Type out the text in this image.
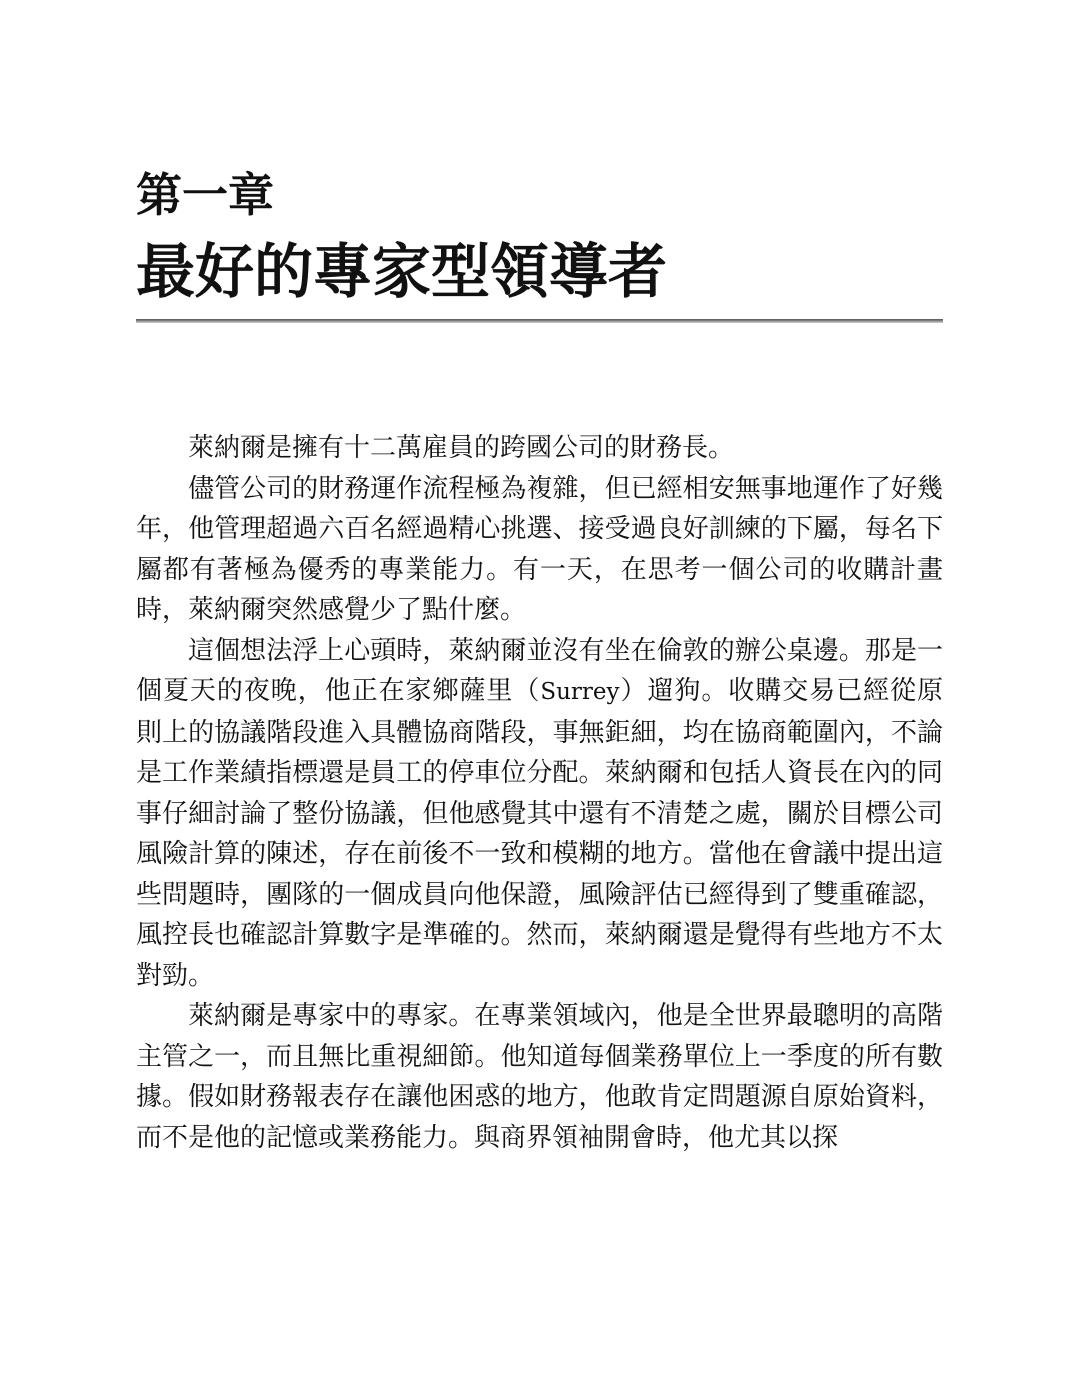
第一章
最好的專家型領導者

萊納爾是擁有十二萬雇員的跨國公司的財務長。

儘管公司的財務運作流程極為複雜，但已經相安無事地運作了好幾年，他管理超過六百名經過精心挑選、接受過良好訓練的下屬，每名下屬都有著極為優秀的專業能力。有一天，在思考一個公司的收購計畫時，萊納爾突然感覺少了點什麼。

這個想法浮上心頭時，萊納爾並沒有坐在倫敦的辦公桌邊。那是一個夏天的夜晚，他正在家鄉薩里（Surrey）遛狗。收購交易已經從原則上的協議階段進入具體協商階段，事無鉅細，均在協商範圍內，不論是工作業績指標還是員工的停車位分配。萊納爾和包括人資長在內的同事仔細討論了整份協議，但他感覺其中還有不清楚之處，關於目標公司風險計算的陳述，存在前後不一致和模糊的地方。當他在會議中提出這些問題時，團隊的一個成員向他保證，風險評估已經得到了雙重確認，風控長也確認計算數字是準確的。然而，萊納爾還是覺得有些地方不太對勁。

萊納爾是專家中的專家。在專業領域內，他是全世界最聰明的高階主管之一，而且無比重視細節。他知道每個業務單位上一季度的所有數據。假如財務報表存在讓他困惑的地方，他敢肯定問題源自原始資料，而不是他的記憶或業務能力。與商界領袖開會時，他尤其以探
